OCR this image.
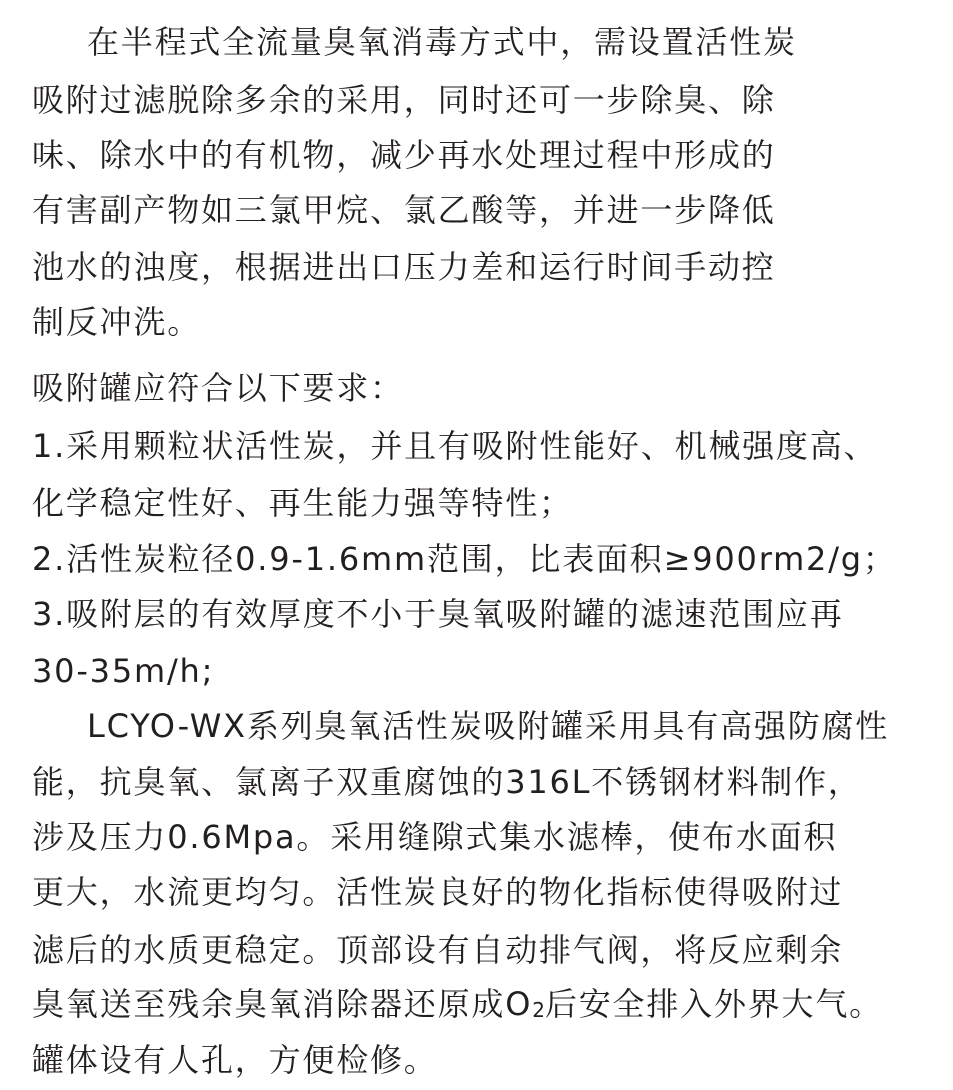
在半程式全流量臭氧消毒方式中，需设置活性炭
吸附过滤脱除多余的采用，同时还可一步除臭、除
味、除水中的有机物，减少再水处理过程中形成的
有害副产物如三氯甲烷、氯乙酸等，并进一步降低
池水的浊度，根据进出口压力差和运行时间手动控
制反冲洗。
吸附罐应符合以下要求：
1.采用颗粒状活性炭，并且有吸附性能好、机械强度高、
化学稳定性好、再生能力强等特性；
2.活性炭粒径0.9-1.6mm范围，比表面积≥900rm2/g；
3.吸附层的有效厚度不小于臭氧吸附罐的滤速范围应再
30-35m/h;
LCYO-WX系列臭氧活性炭吸附罐采用具有高强防腐性
能，抗臭氧、氯离子双重腐蚀的316L不锈钢材料制作，
涉及压力0.6Mpa。采用缝隙式集水滤棒，使布水面积
更大，水流更均匀。活性炭良好的物化指标使得吸附过
滤后的水质更稳定。顶部设有自动排气阀，将反应剩余
臭氧送至残余臭氧消除器还原成$O_2$后安全排入外界大气。
罐体设有人孔，方便检修。
